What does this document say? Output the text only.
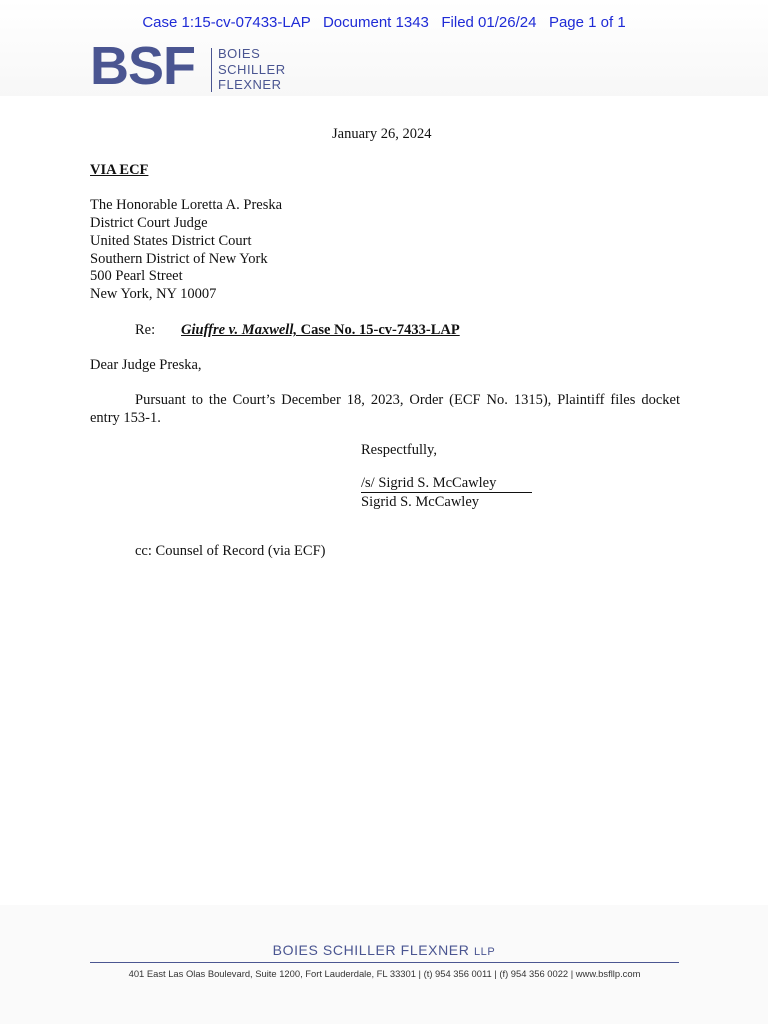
Case 1:15-cv-07433-LAP   Document 1343   Filed 01/26/24   Page 1 of 1
BSF BOIES
SCHILLER
FLEXNER
January 26, 2024
VIA ECF
The Honorable Loretta A. Preska
District Court Judge
United States District Court
Southern District of New York
500 Pearl Street
New York, NY 10007
Re: Giuffre v. Maxwell, Case No. 15-cv-7433-LAP
Dear Judge Preska,
Pursuant to the Court’s December 18, 2023, Order (ECF No. 1315), Plaintiff files docket entry 153-1.
Respectfully,
/s/ Sigrid S. McCawley
Sigrid S. McCawley
cc: Counsel of Record (via ECF)
BOIES SCHILLER FLEXNER LLP
401 East Las Olas Boulevard, Suite 1200, Fort Lauderdale, FL 33301 | (t) 954 356 0011 | (f) 954 356 0022 | www.bsfllp.com
